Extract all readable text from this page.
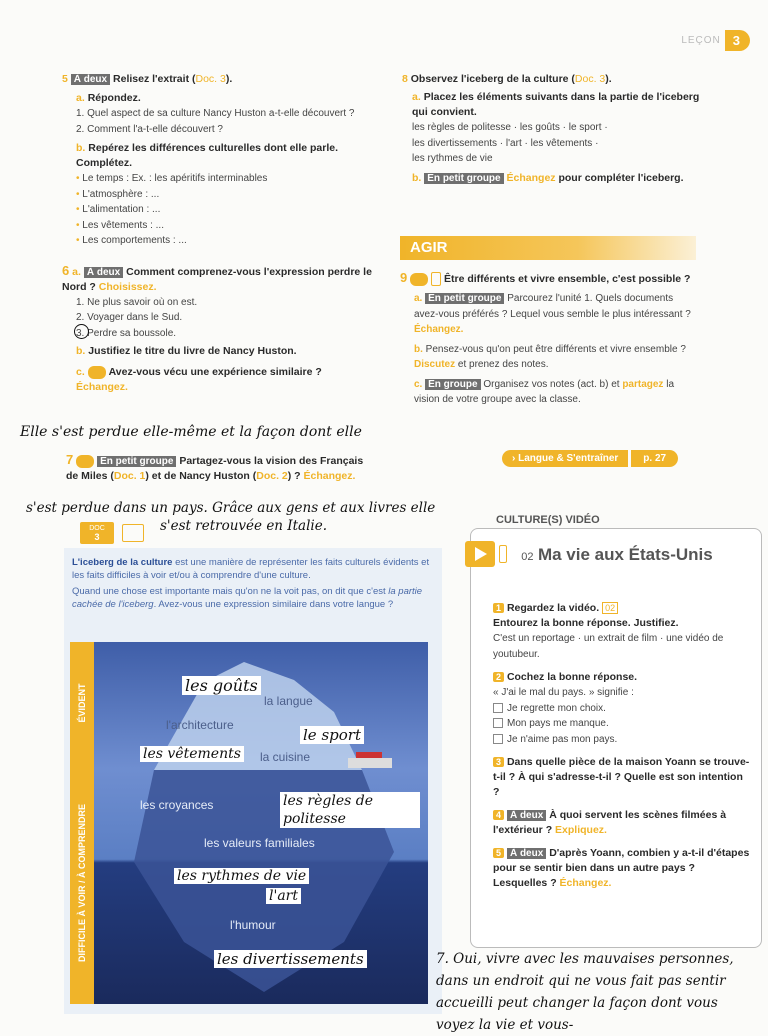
LEÇON 3
5 À deux Relisez l'extrait (Doc. 3).
a. Répondez.
1. Quel aspect de sa culture Nancy Huston a-t-elle découvert ?
2. Comment l'a-t-elle découvert ?
b. Repérez les différences culturelles dont elle parle. Complétez.
• Le temps : Ex. : les apéritifs interminables
• L'atmosphère : ...
• L'alimentation : ...
• Les vêtements : ...
• Les comportements : ...
6 a. À deux Comment comprenez-vous l'expression perdre le Nord ? Choisissez.
1. Ne plus savoir où on est.
2. Voyager dans le Sud.
3. Perdre sa boussole.
b. Justifiez le titre du livre de Nancy Huston.
c. Avez-vous vécu une expérience similaire ?
Échangez.
Elle s'est perdue elle-même et la façon dont elle
7	En petit groupe Partagez-vous la vision des Français de Miles (Doc. 1) et de Nancy Huston (Doc. 2) ? Échangez.
s'est perdue dans un pays. Grâce aux gens et aux livres elle
s'est retrouvée en Italie.
DOC
3
L'iceberg de la culture est une manière de représenter les faits culturels évidents et les faits difficiles à voir et/ou à comprendre d'une culture.
Quand une chose est importante mais qu'on ne la voit pas, on dit que c'est la partie cachée de l'iceberg. Avez-vous une expression similaire dans votre langue ?
ÉVIDENT
DIFFICILE À VOIR / À COMPRENDRE
la langue
l'architecture
la cuisine
les croyances
les valeurs familiales
l'humour
les goûts
le sport
les vêtements
les règles de politesse
les rythmes de vie
l'art
les divertissements
8 Observez l'iceberg de la culture (Doc. 3).
a. Placez les éléments suivants dans la partie de l'iceberg qui convient.
les règles de politesse · les goûts · le sport ·
les divertissements · l'art · les vêtements ·
les rythmes de vie
b. En petit groupe Échangez pour compléter l'iceberg.
AGIR
9	Être différents et vivre ensemble, c'est possible ?
a. En petit groupe Parcourez l'unité 1. Quels documents avez-vous préférés ? Lequel vous semble le plus intéressant ? Échangez.
b. Pensez-vous qu'on peut être différents et vivre ensemble ? Discutez et prenez des notes.
c. En groupe Organisez vos notes (act. b) et partagez la vision de votre groupe avec la classe.
› Langue & S'entraîner	p. 27
CULTURE(S) VIDÉO
02 Ma vie aux États-Unis
1 Regardez la vidéo. 02
Entourez la bonne réponse. Justifiez.
C'est un reportage · un extrait de film · une vidéo de youtubeur.
2 Cochez la bonne réponse.
« J'ai le mal du pays. » signifie :
Je regrette mon choix.
Mon pays me manque.
Je n'aime pas mon pays.
3 Dans quelle pièce de la maison Yoann se trouve-t-il ? À qui s'adresse-t-il ? Quelle est son intention ?
4 À deux À quoi servent les scènes filmées à l'extérieur ? Expliquez.
5 À deux D'après Yoann, combien y a-t-il d'étapes pour se sentir bien dans un autre pays ? Lesquelles ? Échangez.
7. Oui, vivre avec les mauvaises personnes, dans un endroit qui ne vous fait pas sentir accueilli peut changer la façon dont vous voyez la vie et vous-
